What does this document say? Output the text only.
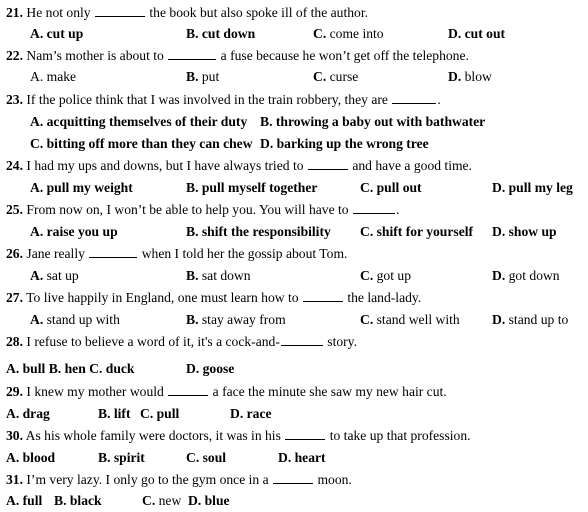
21. He not only	the book but also spoke ill of the author.
A. cut up	B. cut down	C. come into	D. cut out
22. Nam’s mother is about to	a fuse because he won’t get off the telephone.
A. make	B. put	C. curse	D. blow
23. If the police think that I was involved in the train robbery, they are	.
A. acquitting themselves of their duty B. throwing a baby out with bathwater
C. bitting off more than they can chew D. barking up the wrong tree
24. I had my ups and downs, but I have always tried to	and have a good time.
A. pull my weight	B. pull myself together	C. pull out	D. pull my leg
25. From now on, I won’t be able to help you. You will have to	.
A. raise you up	B. shift the responsibility C. shift for yourself D. show up
26. Jane really	when I told her the gossip about Tom.
A. sat up	B. sat down	C. got up	D. got down
27. To live happily in England, one must learn how to	the land-lady.
A. stand up with	B. stay away from	C. stand well with D. stand up to
28. I refuse to believe a word of it, it's a cock-and-	story.
A. bull B. hen C. duck	D. goose
29. I knew my mother would	a face the minute she saw my new hair cut.
A. drag	B. lift C. pull	D. race
30. As his whole family were doctors, it was in his	to take up that profession.
A. blood	B. spirit	C. soul	D. heart
31. I’m very lazy. I only go to the gym once in a	moon.
A. full B. black	C. new D. blue
